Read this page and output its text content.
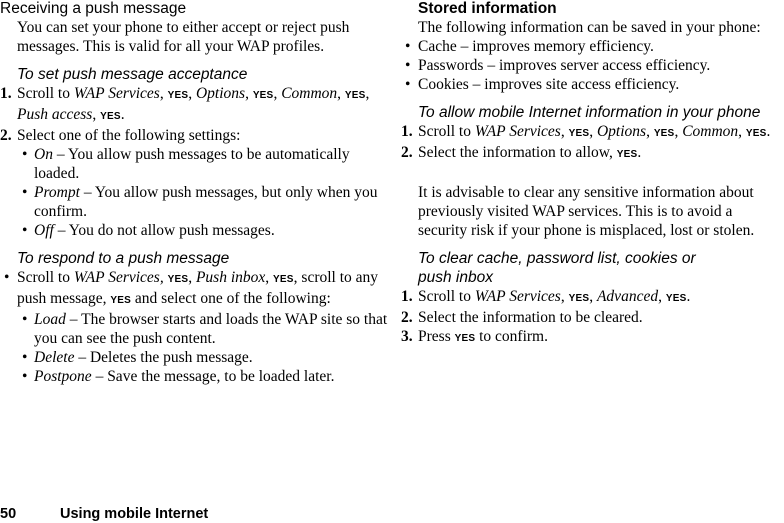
Receiving a push message

You can set your phone to either accept or reject push messages. This is valid for all your WAP profiles.

To set push message acceptance
1. Scroll to WAP Services, YES, Options, YES, Common, YES, Push access, YES.
2. Select one of the following settings:
• On – You allow push messages to be automatically loaded.
• Prompt – You allow push messages, but only when you confirm.
• Off – You do not allow push messages.
To respond to a push message
• Scroll to WAP Services, YES, Push inbox, YES, scroll to any push message, YES and select one of the following:
• Load – The browser starts and loads the WAP site so that you can see the push content.
• Delete – Deletes the push message.
• Postpone – Save the message, to be loaded later.
Stored information

The following information can be saved in your phone:

• Cache – improves memory efficiency.
• Passwords – improves server access efficiency.
• Cookies – improves site access efficiency.
To allow mobile Internet information in your phone
1. Scroll to WAP Services, YES, Options, YES, Common, YES.
2. Select the information to allow, YES.

It is advisable to clear any sensitive information about previously visited WAP services. This is to avoid a security risk if your phone is misplaced, lost or stolen.

To clear cache, password list, cookies or
push inbox
1. Scroll to WAP Services, YES, Advanced, YES.
2. Select the information to be cleared.
3. Press YES to confirm.
50	Using mobile Internet
